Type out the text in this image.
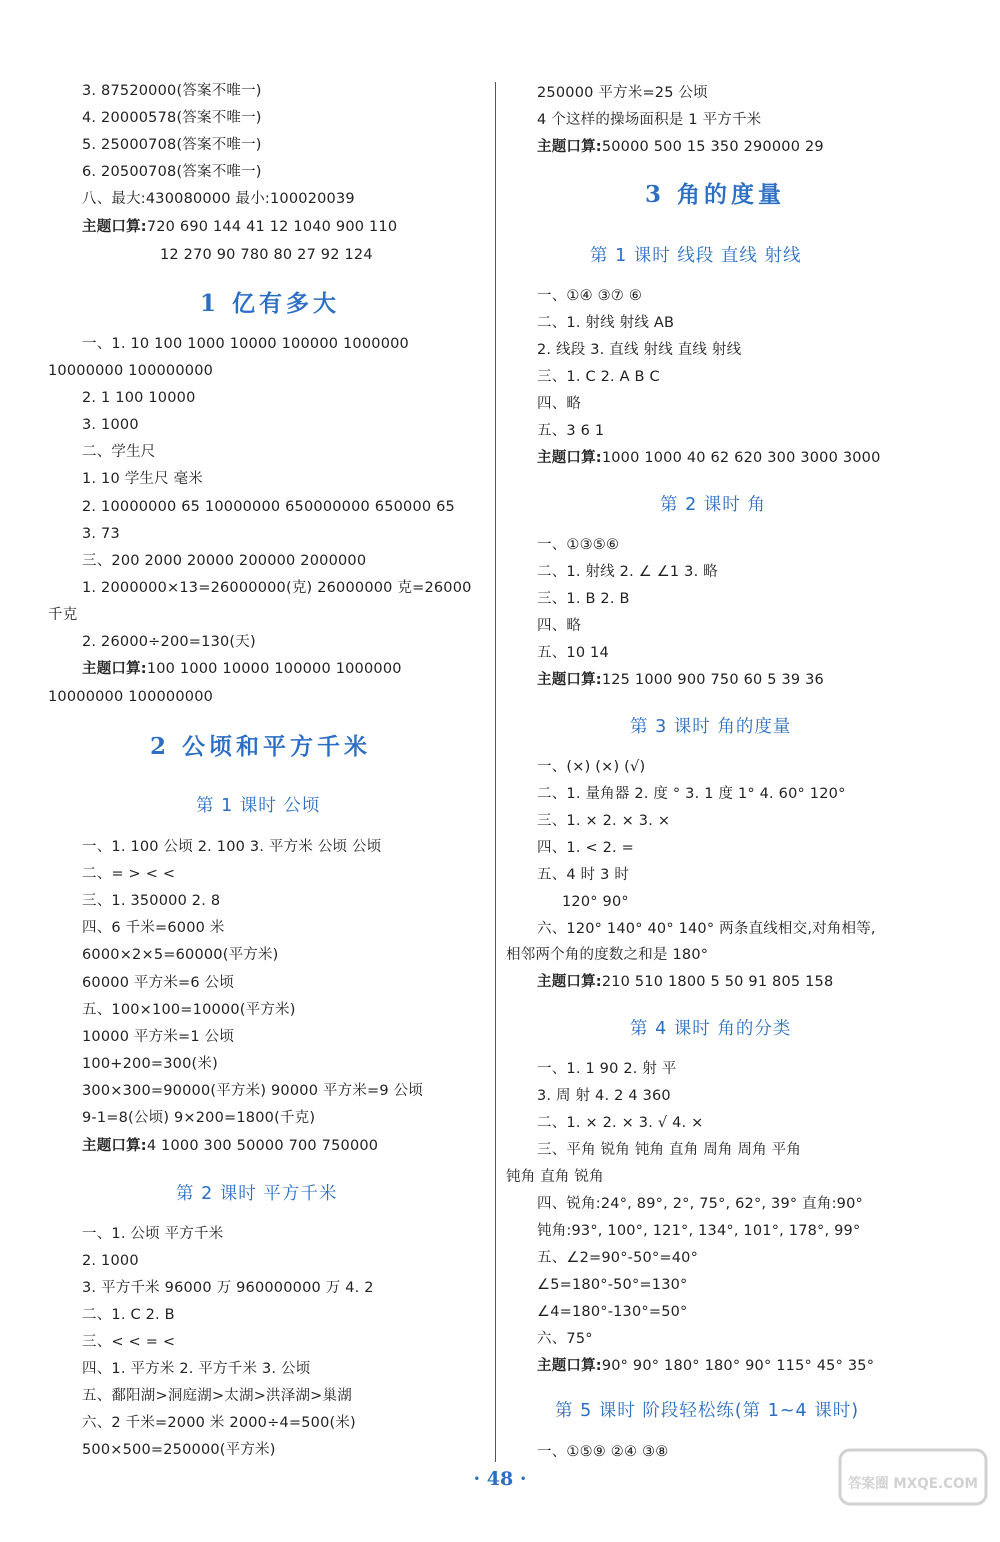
3. 87520000(答案不唯一)
4. 20000578(答案不唯一)
5. 25000708(答案不唯一)
6. 20500708(答案不唯一)
八、最大:430080000 最小:100020039
主题口算:720 690 144 41 12 1040 900 110
12 270 90 780 80 27 92 124
1 亿有多大
一、1. 10 100 1000 10000 100000 1000000
10000000 100000000
2. 1 100 10000
3. 1000
二、学生尺
1. 10 学生尺 毫米
2. 10000000 65 10000000 650000000 650000 65
3. 73
三、200 2000 20000 200000 2000000
1. 2000000×13=26000000(克) 26000000 克=26000
千克
2. 26000÷200=130(天)
主题口算:100 1000 10000 100000 1000000
10000000 100000000
2 公顷和平方千米
第 1 课时 公顷
一、1. 100 公顷 2. 100 3. 平方米 公顷 公顷
二、= > < <
三、1. 350000 2. 8
四、6 千米=6000 米
6000×2×5=60000(平方米)
60000 平方米=6 公顷
五、100×100=10000(平方米)
10000 平方米=1 公顷
100+200=300(米)
300×300=90000(平方米) 90000 平方米=9 公顷
9-1=8(公顷) 9×200=1800(千克)
主题口算:4 1000 300 50000 700 750000
第 2 课时 平方千米
一、1. 公顷 平方千米
2. 1000
3. 平方千米 96000 万 960000000 万 4. 2
二、1. C 2. B
三、< < = <
四、1. 平方米 2. 平方千米 3. 公顷
五、鄱阳湖>洞庭湖>太湖>洪泽湖>巢湖
六、2 千米=2000 米 2000÷4=500(米)
500×500=250000(平方米)
250000 平方米=25 公顷
4 个这样的操场面积是 1 平方千米
主题口算:50000 500 15 350 290000 29
3 角的度量
第 1 课时 线段 直线 射线
一、①④ ③⑦ ⑥
二、1. 射线 射线 AB
2. 线段 3. 直线 射线 直线 射线
三、1. C 2. A B C
四、略
五、3 6 1
主题口算:1000 1000 40 62 620 300 3000 3000
第 2 课时 角
一、①③⑤⑥
二、1. 射线 2. ∠ ∠1 3. 略
三、1. B 2. B
四、略
五、10 14
主题口算:125 1000 900 750 60 5 39 36
第 3 课时 角的度量
一、(×) (×) (√)
二、1. 量角器 2. 度 ° 3. 1 度 1° 4. 60° 120°
三、1. × 2. × 3. ×
四、1. < 2. =
五、4 时 3 时
120° 90°
六、120° 140° 40° 140° 两条直线相交,对角相等,
相邻两个角的度数之和是 180°
主题口算:210 510 1800 5 50 91 805 158
第 4 课时 角的分类
一、1. 1 90 2. 射 平
3. 周 射 4. 2 4 360
二、1. × 2. × 3. √ 4. ×
三、平角 锐角 钝角 直角 周角 周角 平角
钝角 直角 锐角
四、锐角:24°, 89°, 2°, 75°, 62°, 39° 直角:90°
钝角:93°, 100°, 121°, 134°, 101°, 178°, 99°
五、∠2=90°-50°=40°
∠5=180°-50°=130°
∠4=180°-130°=50°
六、75°
主题口算:90° 90° 180° 180° 90° 115° 45° 35°
第 5 课时 阶段轻松练(第 1~4 课时)
一、①⑤⑨ ②④ ③⑧
· 48 ·	答案圈 MXQE.COM
